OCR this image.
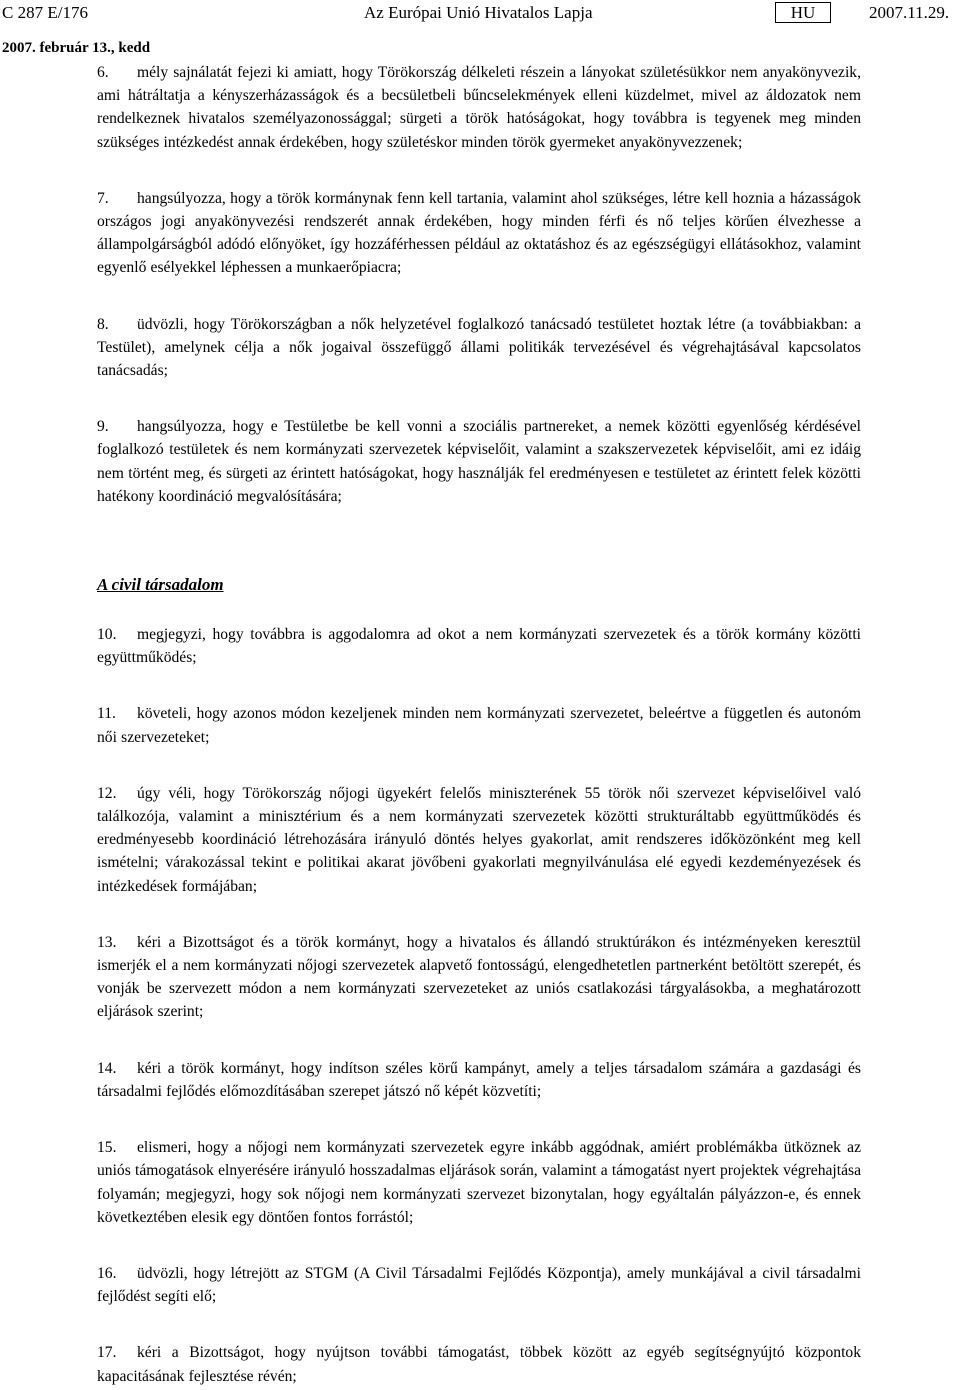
C 287 E/176	Az Európai Unió Hivatalos Lapja	HU	2007.11.29.
2007. február 13., kedd

6. mély sajnálatát fejezi ki amiatt, hogy Törökország délkeleti részein a lányokat születésükkor nem anyakönyvezik, ami hátráltatja a kényszerházasságok és a becsületbeli bűncselekmények elleni küzdelmet, mivel az áldozatok nem rendelkeznek hivatalos személyazonossággal; sürgeti a török hatóságokat, hogy továbbra is tegyenek meg minden szükséges intézkedést annak érdekében, hogy születéskor minden török gyermeket anyakönyvezzenek;

7. hangsúlyozza, hogy a török kormánynak fenn kell tartania, valamint ahol szükséges, létre kell hoznia a házasságok országos jogi anyakönyvezési rendszerét annak érdekében, hogy minden férfi és nő teljes körűen élvezhesse a állampolgárságból adódó előnyöket, így hozzáférhessen például az oktatáshoz és az egészségügyi ellátásokhoz, valamint egyenlő esélyekkel léphessen a munkaerőpiacra;

8. üdvözli, hogy Törökországban a nők helyzetével foglalkozó tanácsadó testületet hoztak létre (a továbbiakban: a Testület), amelynek célja a nők jogaival összefüggő állami politikák tervezésével és végrehajtásával kapcsolatos tanácsadás;

9. hangsúlyozza, hogy e Testületbe be kell vonni a szociális partnereket, a nemek közötti egyenlőség kérdésével foglalkozó testületek és nem kormányzati szervezetek képviselőit, valamint a szakszervezetek képviselőit, ami ez idáig nem történt meg, és sürgeti az érintett hatóságokat, hogy használják fel eredményesen e testületet az érintett felek közötti hatékony koordináció megvalósítására;

A civil társadalom

10. megjegyzi, hogy továbbra is aggodalomra ad okot a nem kormányzati szervezetek és a török kormány közötti együttműködés;

11. követeli, hogy azonos módon kezeljenek minden nem kormányzati szervezetet, beleértve a független és autonóm női szervezeteket;

12. úgy véli, hogy Törökország nőjogi ügyekért felelős miniszterének 55 török női szervezet képviselőivel való találkozója, valamint a minisztérium és a nem kormányzati szervezetek közötti strukturáltabb együttműködés és eredményesebb koordináció létrehozására irányuló döntés helyes gyakorlat, amit rendszeres időközönként meg kell ismételni; várakozással tekint e politikai akarat jövőbeni gyakorlati megnyilvánulása elé egyedi kezdeményezések és intézkedések formájában;

13. kéri a Bizottságot és a török kormányt, hogy a hivatalos és állandó struktúrákon és intézményeken keresztül ismerjék el a nem kormányzati nőjogi szervezetek alapvető fontosságú, elengedhetetlen partnerként betöltött szerepét, és vonják be szervezett módon a nem kormányzati szervezeteket az uniós csatlakozási tárgyalásokba, a meghatározott eljárások szerint;

14. kéri a török kormányt, hogy indítson széles körű kampányt, amely a teljes társadalom számára a gazdasági és társadalmi fejlődés előmozdításában szerepet játszó nő képét közvetíti;

15. elismeri, hogy a nőjogi nem kormányzati szervezetek egyre inkább aggódnak, amiért problémákba ütköznek az uniós támogatások elnyerésére irányuló hosszadalmas eljárások során, valamint a támogatást nyert projektek végrehajtása folyamán; megjegyzi, hogy sok nőjogi nem kormányzati szervezet bizonytalan, hogy egyáltalán pályázzon-e, és ennek következtében elesik egy döntően fontos forrástól;

16. üdvözli, hogy létrejött az STGM (A Civil Társadalmi Fejlődés Központja), amely munkájával a civil társadalmi fejlődést segíti elő;

17. kéri a Bizottságot, hogy nyújtson további támogatást, többek között az egyéb segítségnyújtó központok kapacitásának fejlesztése révén;
